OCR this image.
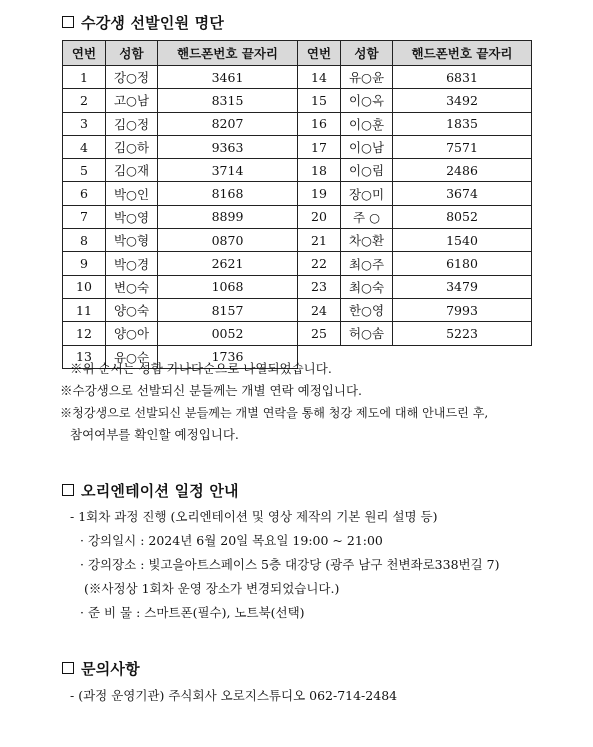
수강생 선발인원 명단
연번	성함	핸드폰번호 끝자리	연번	성함	핸드폰번호 끝자리
1	강○정	3461	14	유○윤	6831
2	고○남	8315	15	이○옥	3492
3	김○정	8207	16	이○훈	1835
4	김○하	9363	17	이○남	7571
5	김○재	3714	18	이○림	2486
6	박○인	8168	19	장○미	3674
7	박○영	8899	20	주 ○	8052
8	박○형	0870	21	차○환	1540
9	박○경	2621	22	최○주	6180
10	변○숙	1068	23	최○숙	3479
11	양○숙	8157	24	한○영	7993
12	양○아	0052	25	허○솜	5223
13	유○순	1736			
※위 순서는 성함 가나다순으로 나열되었습니다.
※수강생으로 선발되신 분들께는 개별 연락 예정입니다.
※청강생으로 선발되신 분들께는 개별 연락을 통해 청강 제도에 대해 안내드린 후,
참여여부를 확인할 예정입니다.
오리엔테이션 일정 안내
- 1회차 과정 진행 (오리엔테이션 및 영상 제작의 기본 원리 설명 등)
· 강의일시 : 2024년 6월 20일 목요일 19:00 ~ 21:00
· 강의장소 : 빛고을아트스페이스 5층 대강당 (광주 남구 천변좌로338번길 7)
(※사정상 1회차 운영 장소가 변경되었습니다.)
· 준 비 물 : 스마트폰(필수), 노트북(선택)
문의사항
- (과정 운영기관) 주식회사 오로지스튜디오 062-714-2484
